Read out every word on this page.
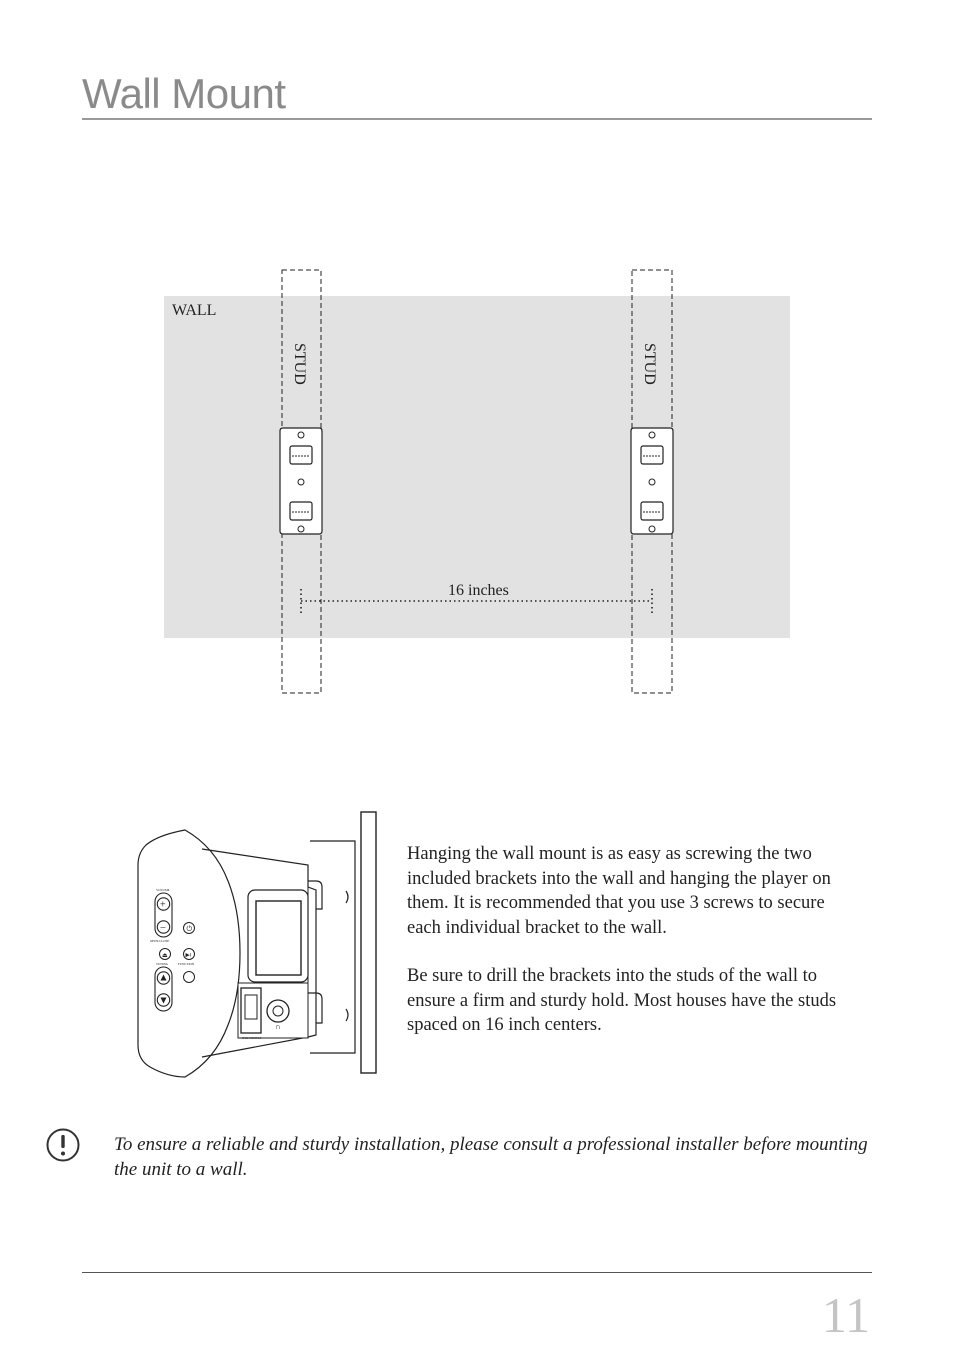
Wall Mount
WALL
STUD	STUD
16 inches
∩
IPOD SHUFFLE
VOLUME
OPEN/CLOSE
TUNING	FUNCTION
+
–	⏻
⏏	▶‖

Hanging the wall mount is as easy as screwing the two included brackets into the wall and hanging the player on them. It is recommended that you use 3 screws to secure each individual bracket to the wall.

Be sure to drill the brackets into the studs of the wall to ensure a firm and sturdy hold. Most houses have the studs spaced on 16 inch centers.

To ensure a reliable and sturdy installation, please consult a professional installer before mounting the unit to a wall.
11
